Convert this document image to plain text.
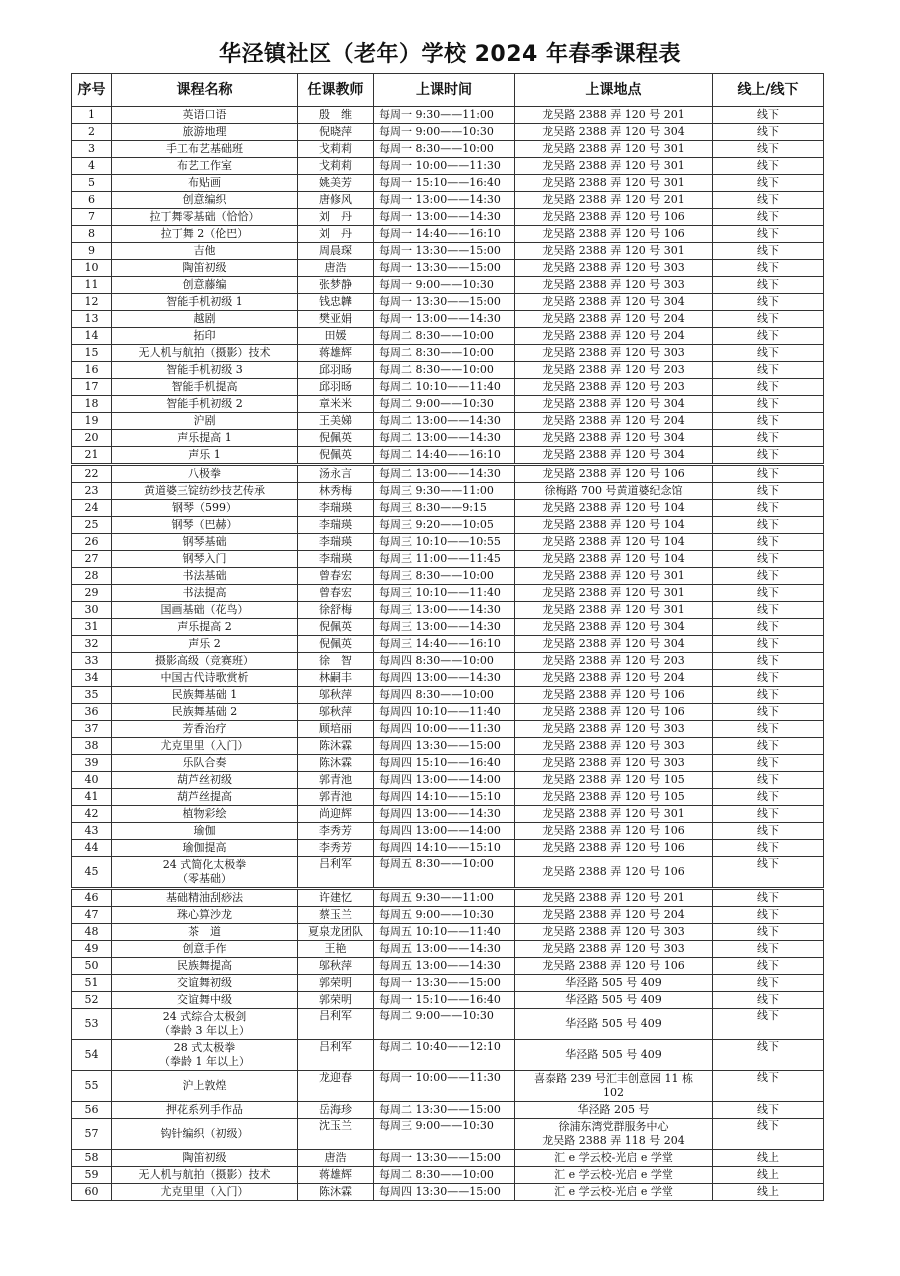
华泾镇社区（老年）学校 2024 年春季课程表
序号	课程名称	任课教师	上课时间	上课地点	线上/线下
1	英语口语	殷　维	每周一 9:30——11:00	龙吴路 2388 弄 120 号 201	线下
2	旅游地理	倪晓萍	每周一 9:00——10:30	龙吴路 2388 弄 120 号 304	线下
3	手工布艺基础班	戈莉莉	每周一 8:30——10:00	龙吴路 2388 弄 120 号 301	线下
4	布艺工作室	戈莉莉	每周一 10:00——11:30	龙吴路 2388 弄 120 号 301	线下
5	布贴画	姚美芳	每周一 15:10——16:40	龙吴路 2388 弄 120 号 301	线下
6	创意编织	唐修风	每周一 13:00——14:30	龙吴路 2388 弄 120 号 201	线下
7	拉丁舞零基础（恰恰）	刘　丹	每周一 13:00——14:30	龙吴路 2388 弄 120 号 106	线下
8	拉丁舞 2（伦巴）	刘　丹	每周一 14:40——16:10	龙吴路 2388 弄 120 号 106	线下
9	吉他	周晨琛	每周一 13:30——15:00	龙吴路 2388 弄 120 号 301	线下
10	陶笛初级	唐浩	每周一 13:30——15:00	龙吴路 2388 弄 120 号 303	线下
11	创意藤编	张梦静	每周一 9:00——10:30	龙吴路 2388 弄 120 号 303	线下
12	智能手机初级 1	钱忠韡	每周一 13:30——15:00	龙吴路 2388 弄 120 号 304	线下
13	越剧	樊亚娟	每周一 13:00——14:30	龙吴路 2388 弄 120 号 204	线下
14	拓印	田媛	每周二 8:30——10:00	龙吴路 2388 弄 120 号 204	线下
15	无人机与航拍（摄影）技术	蒋雄辉	每周二 8:30——10:00	龙吴路 2388 弄 120 号 303	线下
16	智能手机初级 3	邱羽旸	每周二 8:30——10:00	龙吴路 2388 弄 120 号 203	线下
17	智能手机提高	邱羽旸	每周二 10:10——11:40	龙吴路 2388 弄 120 号 203	线下
18	智能手机初级 2	章米米	每周二 9:00——10:30	龙吴路 2388 弄 120 号 304	线下
19	沪剧	王美娣	每周二 13:00——14:30	龙吴路 2388 弄 120 号 204	线下
20	声乐提高 1	倪佩英	每周二 13:00——14:30	龙吴路 2388 弄 120 号 304	线下
21	声乐 1	倪佩英	每周二 14:40——16:10	龙吴路 2388 弄 120 号 304	线下
22	八极拳	汤永言	每周二 13:00——14:30	龙吴路 2388 弄 120 号 106	线下
23	黄道婆三锭纺纱技艺传承	林秀梅	每周三 9:30——11:00	徐梅路 700 号黄道婆纪念馆	线下
24	钢琴（599）	李瑞瑛	每周三 8:30——9:15	龙吴路 2388 弄 120 号 104	线下
25	钢琴（巴赫）	李瑞瑛	每周三 9:20——10:05	龙吴路 2388 弄 120 号 104	线下
26	钢琴基础	李瑞瑛	每周三 10:10——10:55	龙吴路 2388 弄 120 号 104	线下
27	钢琴入门	李瑞瑛	每周三 11:00——11:45	龙吴路 2388 弄 120 号 104	线下
28	书法基础	曾春宏	每周三 8:30——10:00	龙吴路 2388 弄 120 号 301	线下
29	书法提高	曾春宏	每周三 10:10——11:40	龙吴路 2388 弄 120 号 301	线下
30	国画基础（花鸟）	徐舒梅	每周三 13:00——14:30	龙吴路 2388 弄 120 号 301	线下
31	声乐提高 2	倪佩英	每周三 13:00——14:30	龙吴路 2388 弄 120 号 304	线下
32	声乐 2	倪佩英	每周三 14:40——16:10	龙吴路 2388 弄 120 号 304	线下
33	摄影高级（竞赛班）	徐　智	每周四 8:30——10:00	龙吴路 2388 弄 120 号 203	线下
34	中国古代诗歌赏析	林嗣丰	每周四 13:00——14:30	龙吴路 2388 弄 120 号 204	线下
35	民族舞基础 1	邬秋萍	每周四 8:30——10:00	龙吴路 2388 弄 120 号 106	线下
36	民族舞基础 2	邬秋萍	每周四 10:10——11:40	龙吴路 2388 弄 120 号 106	线下
37	芳香治疗	顾培丽	每周四 10:00——11:30	龙吴路 2388 弄 120 号 303	线下
38	尤克里里（入门）	陈沐霖	每周四 13:30——15:00	龙吴路 2388 弄 120 号 303	线下
39	乐队合奏	陈沐霖	每周四 15:10——16:40	龙吴路 2388 弄 120 号 303	线下
40	葫芦丝初级	郭青池	每周四 13:00——14:00	龙吴路 2388 弄 120 号 105	线下
41	葫芦丝提高	郭青池	每周四 14:10——15:10	龙吴路 2388 弄 120 号 105	线下
42	植物彩绘	尚迎辉	每周四 13:00——14:30	龙吴路 2388 弄 120 号 301	线下
43	瑜伽	李秀芳	每周四 13:00——14:00	龙吴路 2388 弄 120 号 106	线下
44	瑜伽提高	李秀芳	每周四 14:10——15:10	龙吴路 2388 弄 120 号 106	线下
45	24 式简化太极拳
（零基础）	吕利军	每周五 8:30——10:00	龙吴路 2388 弄 120 号 106	线下
46	基础精油刮痧法	许建忆	每周五 9:30——11:00	龙吴路 2388 弄 120 号 201	线下
47	珠心算沙龙	蔡玉兰	每周五 9:00——10:30	龙吴路 2388 弄 120 号 204	线下
48	茶　道	夏泉龙团队	每周五 10:10——11:40	龙吴路 2388 弄 120 号 303	线下
49	创意手作	王艳	每周五 13:00——14:30	龙吴路 2388 弄 120 号 303	线下
50	民族舞提高	邬秋萍	每周五 13:00——14:30	龙吴路 2388 弄 120 号 106	线下
51	交谊舞初级	郭荣明	每周一 13:30——15:00	华泾路 505 号 409	线下
52	交谊舞中级	郭荣明	每周一 15:10——16:40	华泾路 505 号 409	线下
53	24 式综合太极剑
（拳龄 3 年以上）	吕利军	每周二 9:00——10:30	华泾路 505 号 409	线下
54	28 式太极拳
（拳龄 1 年以上）	吕利军	每周二 10:40——12:10	华泾路 505 号 409	线下
55	沪上敦煌	龙迎春	每周一 10:00——11:30	喜泰路 239 号汇丰创意园 11 栋
102	线下
56	押花系列手作品	岳海珍	每周二 13:30——15:00	华泾路 205 号	线下
57	钩针编织（初级）	沈玉兰	每周三 9:00——10:30	徐浦东湾党群服务中心
龙吴路 2388 弄 118 号 204	线下
58	陶笛初级	唐浩	每周一 13:30——15:00	汇 e 学云校-光启 e 学堂	线上
59	无人机与航拍（摄影）技术	蒋雄辉	每周二 8:30——10:00	汇 e 学云校-光启 e 学堂	线上
60	尤克里里（入门）	陈沐霖	每周四 13:30——15:00	汇 e 学云校-光启 e 学堂	线上
